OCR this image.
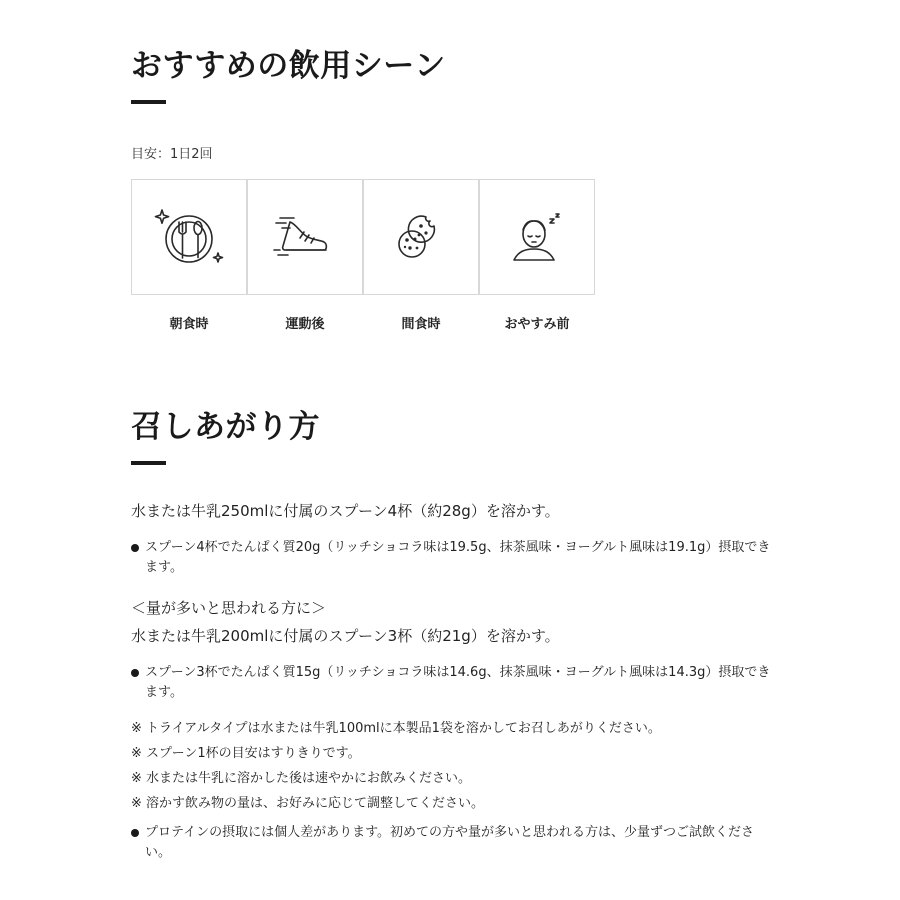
おすすめの飲用シーン
目安：1日2回
朝食時	運動後	間食時	おやすみ前
召しあがり方

水または牛乳250mlに付属のスプーン4杯（約28g）を溶かす。

スプーン4杯でたんぱく質20g（リッチショコラ味は19.5g、抹茶風味・ヨーグルト風味は19.1g）摂取できます。

＜量が多いと思われる方に＞

水または牛乳200mlに付属のスプーン3杯（約21g）を溶かす。

スプーン3杯でたんぱく質15g（リッチショコラ味は14.6g、抹茶風味・ヨーグルト風味は14.3g）摂取できます。
※ トライアルタイプは水または牛乳100mlに本製品1袋を溶かしてお召しあがりください。
※ スプーン1杯の目安はすりきりです。
※ 水または牛乳に溶かした後は速やかにお飲みください。
※ 溶かす飲み物の量は、お好みに応じて調整してください。
プロテインの摂取には個人差があります。初めての方や量が多いと思われる方は、少量ずつご試飲ください。
